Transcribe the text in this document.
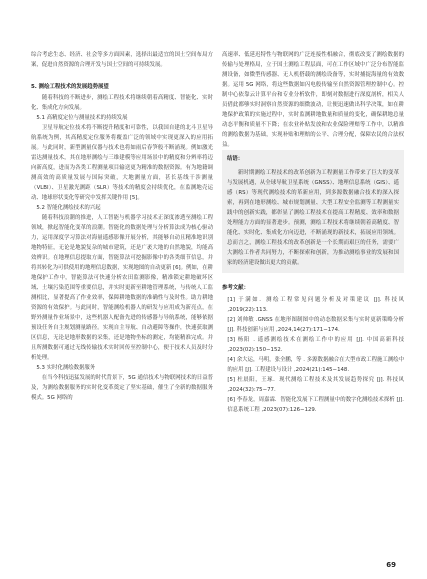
综合考虑生态、经济、社会等多方面因素，选择出最适宜的国土空间布局方案，促进自然资源的合理开发与国土空间的可持续发展。

5. 测绘工程技术的发展趋势展望

随着科技的不断进步，测绘工程技术将继续朝着高精度、智能化、实时化、集成化方向发展。

5.1 高精度定位与测量技术的持续发展

卫星导航定位技术将不断提升精度和可靠性，以我国自建的北斗卫星导航系统为例，其高精度定位服务将覆盖广泛的领域中实现更深入的应用拓展。与此同时，新型测量仪器与技术也将如雨后春笋般不断涌现。例如激光雷达测量技术，其在地形测绘与三维建模等应用场景中的精度和分辨率将迈向新高度，进而为各类工程测量项目输送更为精准的数据资源。有为地籍调测高效的高质量发展与国际突破，大地测量方面，甚长基线干涉测量（VLBI）、卫星激光测距（SLR）等技术的精度会持续优化，在监测地壳运动、地球形状变化等研究中发挥关键作用 [5]。

5.2 智能化测绘技术的兴起

随着科技浪潮的推进，人工智能与机器学习技术正深度渗透至测绘工程领域，掀起智能化变革的浪潮。智能化的数据处理与分析算法成为核心驱动力，运用深度学习算法对海量遥感影像开展分析，其能够自动且精准地识别地物特征，无论是地貌复杂的城市建筑，还是广袤大地的自然地貌，均能高效辨识。在地理信息提取方面，智能算法可挖掘影像中的各类细节信息，并将其转化为可供使用的地理信息数据，实现地图的自动更新 [6]。例如，在耕地保护工作中，智能算法可快速分析农田监测影像，精准锁定耕地破坏区域、土壤污染范围等重要信息，并实时更新至耕地管理系统，与传统人工监测相比，显著提高了作业效率，保障耕地数据的准确性与及时性。助力耕地资源的有效保护。与此同时，智能测绘机器人的研发与应用成为新亮点，在野外测量作业场景中，这些机器人配备先进的传感器与导航系统，能够依据预设任务自主规划测量路径。实现自主导航、自动避障等操作，快速获取测区信息，无论是地形数据的采集，还是地物坐标的测定，均能精准完成。并且所测数据可通过无线传输技术实时回传至控制中心，便于技术人员及时分析处理。

5.3 实时化测绘数据服务

在当今科技迅猛发展的时代背景下，5G 通信技术与物联网技术的日益普及，为测绘数据服务的实时化变革奠定了坚实基础，催生了全新的数据服务模式。5G 网络的

高速率、低延迟特性与物联网的广泛连接性相融合，彻底改变了测绘数据的传输与处理格局，立于国土测绘工程层面，可在工作区域中广泛分布智能监测设备，如微型传感器、无人机搭载的测绘设备等，实时捕捉海量的有效数据。运用 5G 网络，将这些数据如闪电般传输至自然资源管理控制中心。控制中心依靠云计算平台和专业分析软件，即刻对数据进行深度剖析，相关人员借此都够实时洞察自然资源的细微波动，让便迅速做出科学决策，如在耕地保护政策的实施过程中，实时监测耕地数量和质量的变化，确保耕地总量动态平衡和质量不下降；在农业补贴发放和农业保险理赔等工作中，以精准的测绘数据为基础，实现补贴和理赔的公平、合理分配，保障农民的合法权益。

结语：

新时期测绘工程技术的改革创新为工程测量工作带来了巨大的变革与发展机遇，从全球导航卫星系统（GNSS）、地理信息系统（GIS）、遥感（RS）等现代测绘技术的革新应用，到多源数据融合技术的深入探索，再到在地形测绘、城市规划测量、大型工程安全监测等工程测量实践中的创新实践，都彰显了测绘工程技术在提高工程精度、效率和数据处理能力方面的显著进步。预测，测绘工程技术将继续朝着高精度、智能化、实时化、集成化方向迈进，不断涌现的新技术，拓展应用领域。总而言之，测绘工程技术的改革创新是一个长期而艰巨的任务，需要广大测绘工作者共同努力，不断探索和创新，为推动测绘事业的发展和国家的经济建设做出更大的贡献。

参考文献：

[1] 于满如．测绘工程常见问题分析及对策建议 [J]. 科技风 ,2019(22):113.

[2] 刘帅敏 .GNSS 在地形图制图中的动态数据采集与实时更新策略分析 [J]. 科技创新与应用 ,2024,14(27):171−174.

[3] 杨阳 . 遥感测绘技术在测绘工作中的应用 [J]. 中国高新科技 ,2023(02):150−152.

[4] 余大运，马明，张全鹏，等 . 多源数据融合在大型市政工程施工测绘中的应用 [J]. 工程建设与设计 ,2024(21):145−148.

[5] 杜晨阳，王琢．现代测绘工程技术及其发展趋势探究 [J]. 科技风 ,2024(32):75−77.

[6] 李春龙，周嘉霖．智能化发展下工程测量中的数字化测绘技术探析 [J]. 信息系统工程 ,2023(07):126−129.

69
